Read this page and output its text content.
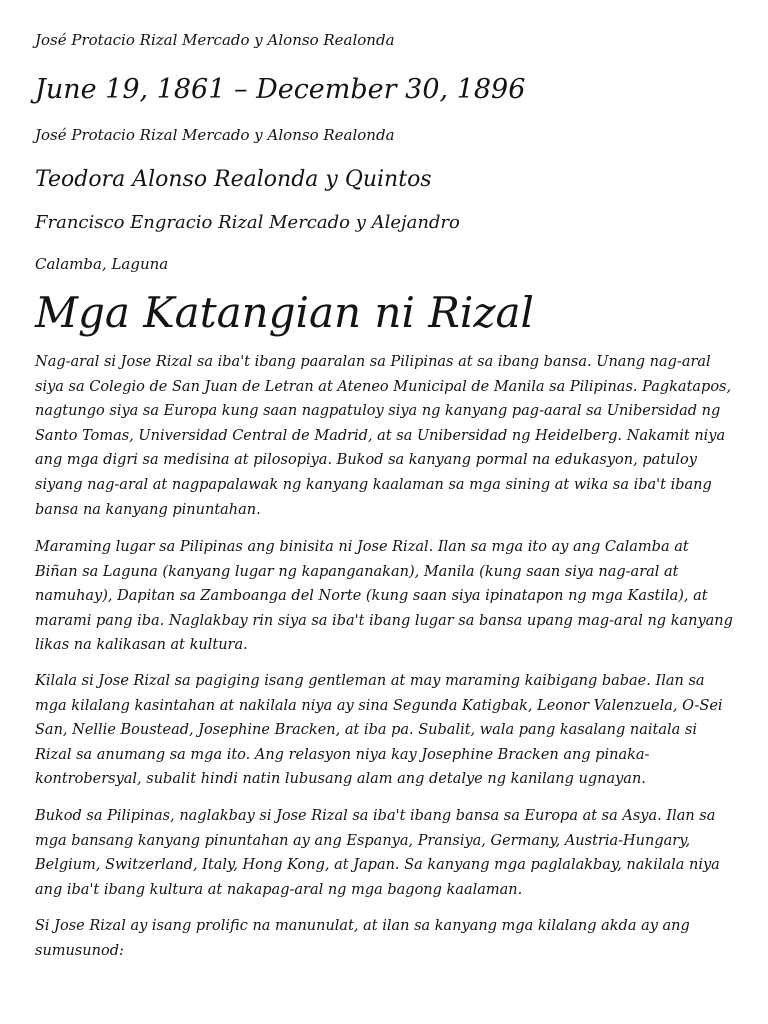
José Protacio Rizal Mercado y Alonso Realonda
June 19, 1861 – December 30, 1896
José Protacio Rizal Mercado y Alonso Realonda
Teodora Alonso Realonda y Quintos
Francisco Engracio Rizal Mercado y Alejandro
Calamba, Laguna
Mga Katangian ni Rizal

Nag-aral si Jose Rizal sa iba't ibang paaralan sa Pilipinas at sa ibang bansa. Unang nag-aral siya sa Colegio de San Juan de Letran at Ateneo Municipal de Manila sa Pilipinas. Pagkatapos, nagtungo siya sa Europa kung saan nagpatuloy siya ng kanyang pag-aaral sa Unibersidad ng Santo Tomas, Universidad Central de Madrid, at sa Unibersidad ng Heidelberg. Nakamit niya ang mga digri sa medisina at pilosopiya. Bukod sa kanyang pormal na edukasyon, patuloy siyang nag-aral at nagpapalawak ng kanyang kaalaman sa mga sining at wika sa iba't ibang bansa na kanyang pinuntahan.

Maraming lugar sa Pilipinas ang binisita ni Jose Rizal. Ilan sa mga ito ay ang Calamba at Biñan sa Laguna (kanyang lugar ng kapanganakan), Manila (kung saan siya nag-aral at namuhay), Dapitan sa Zamboanga del Norte (kung saan siya ipinatapon ng mga Kastila), at marami pang iba. Naglakbay rin siya sa iba't ibang lugar sa bansa upang mag-aral ng kanyang likas na kalikasan at kultura.

Kilala si Jose Rizal sa pagiging isang gentleman at may maraming kaibigang babae. Ilan sa mga kilalang kasintahan at nakilala niya ay sina Segunda Katigbak, Leonor Valenzuela, O-Sei San, Nellie Boustead, Josephine Bracken, at iba pa. Subalit, wala pang kasalang naitala si Rizal sa anumang sa mga ito. Ang relasyon niya kay Josephine Bracken ang pinaka-kontrobersyal, subalit hindi natin lubusang alam ang detalye ng kanilang ugnayan.

Bukod sa Pilipinas, naglakbay si Jose Rizal sa iba't ibang bansa sa Europa at sa Asya. Ilan sa mga bansang kanyang pinuntahan ay ang Espanya, Pransiya, Germany, Austria-Hungary, Belgium, Switzerland, Italy, Hong Kong, at Japan. Sa kanyang mga paglalakbay, nakilala niya ang iba't ibang kultura at nakapag-aral ng mga bagong kaalaman.

Si Jose Rizal ay isang prolific na manunulat, at ilan sa kanyang mga kilalang akda ay ang sumusunod:
